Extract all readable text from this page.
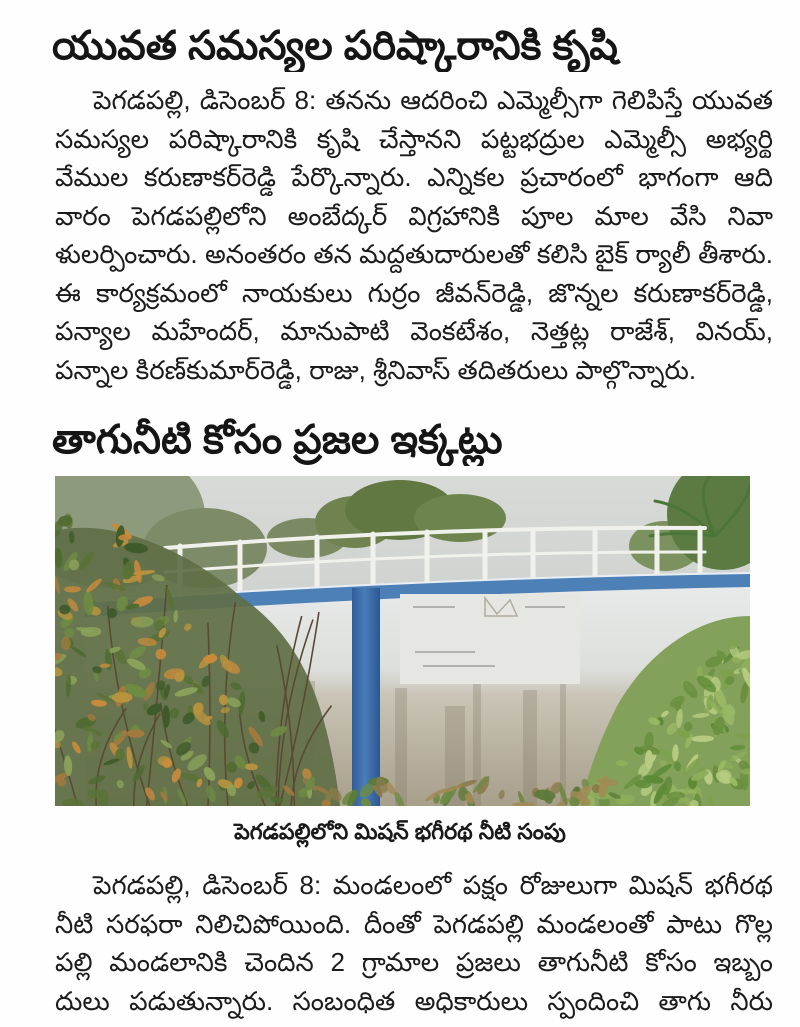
యువత సమస్యల పరిష్కారానికి కృషి
పెగడపల్లి, డిసెంబర్ 8: తనను ఆదరించి ఎమ్మెల్సీగా గెలిపిస్తే యువత
సమస్యల పరిష్కారానికి కృషి చేస్తానని పట్టభద్రుల ఎమ్మెల్సీ అభ్యర్థి
వేముల కరుణాకర్‌రెడ్డి పేర్కొన్నారు. ఎన్నికల ప్రచారంలో భాగంగా ఆది
వారం పెగడపల్లిలోని అంబేద్కర్ విగ్రహానికి పూల మాల వేసి నివా
ళులర్పించారు. అనంతరం తన మద్దతుదారులతో కలిసి బైక్ ర్యాలీ తీశారు.
ఈ కార్యక్రమంలో నాయకులు గుర్రం జీవన్‌రెడ్డి, జొన్నల కరుణాకర్‌రెడ్డి,
పన్యాల మహేందర్, మానుపాటి వెంకటేశం, నెత్తట్ల రాజేశ్, వినయ్,
పన్నాల కిరణ్‌కుమార్‌రెడ్డి, రాజు, శ్రీనివాస్ తదితరులు పాల్గొన్నారు.
తాగునీటి కోసం ప్రజల ఇక్కట్లు
పెగడపల్లిలోని మిషన్ భగీరథ నీటి సంపు
పెగడపల్లి, డిసెంబర్ 8: మండలంలో పక్షం రోజులుగా మిషన్ భగీరథ
నీటి సరఫరా నిలిచిపోయింది. దీంతో పెగడపల్లి మండలంతో పాటు గొల్ల
పల్లి మండలానికి చెందిన 2 గ్రామాల ప్రజలు తాగునీటి కోసం ఇబ్బం
దులు పడుతున్నారు. సంబంధిత అధికారులు స్పందించి తాగు నీరు
